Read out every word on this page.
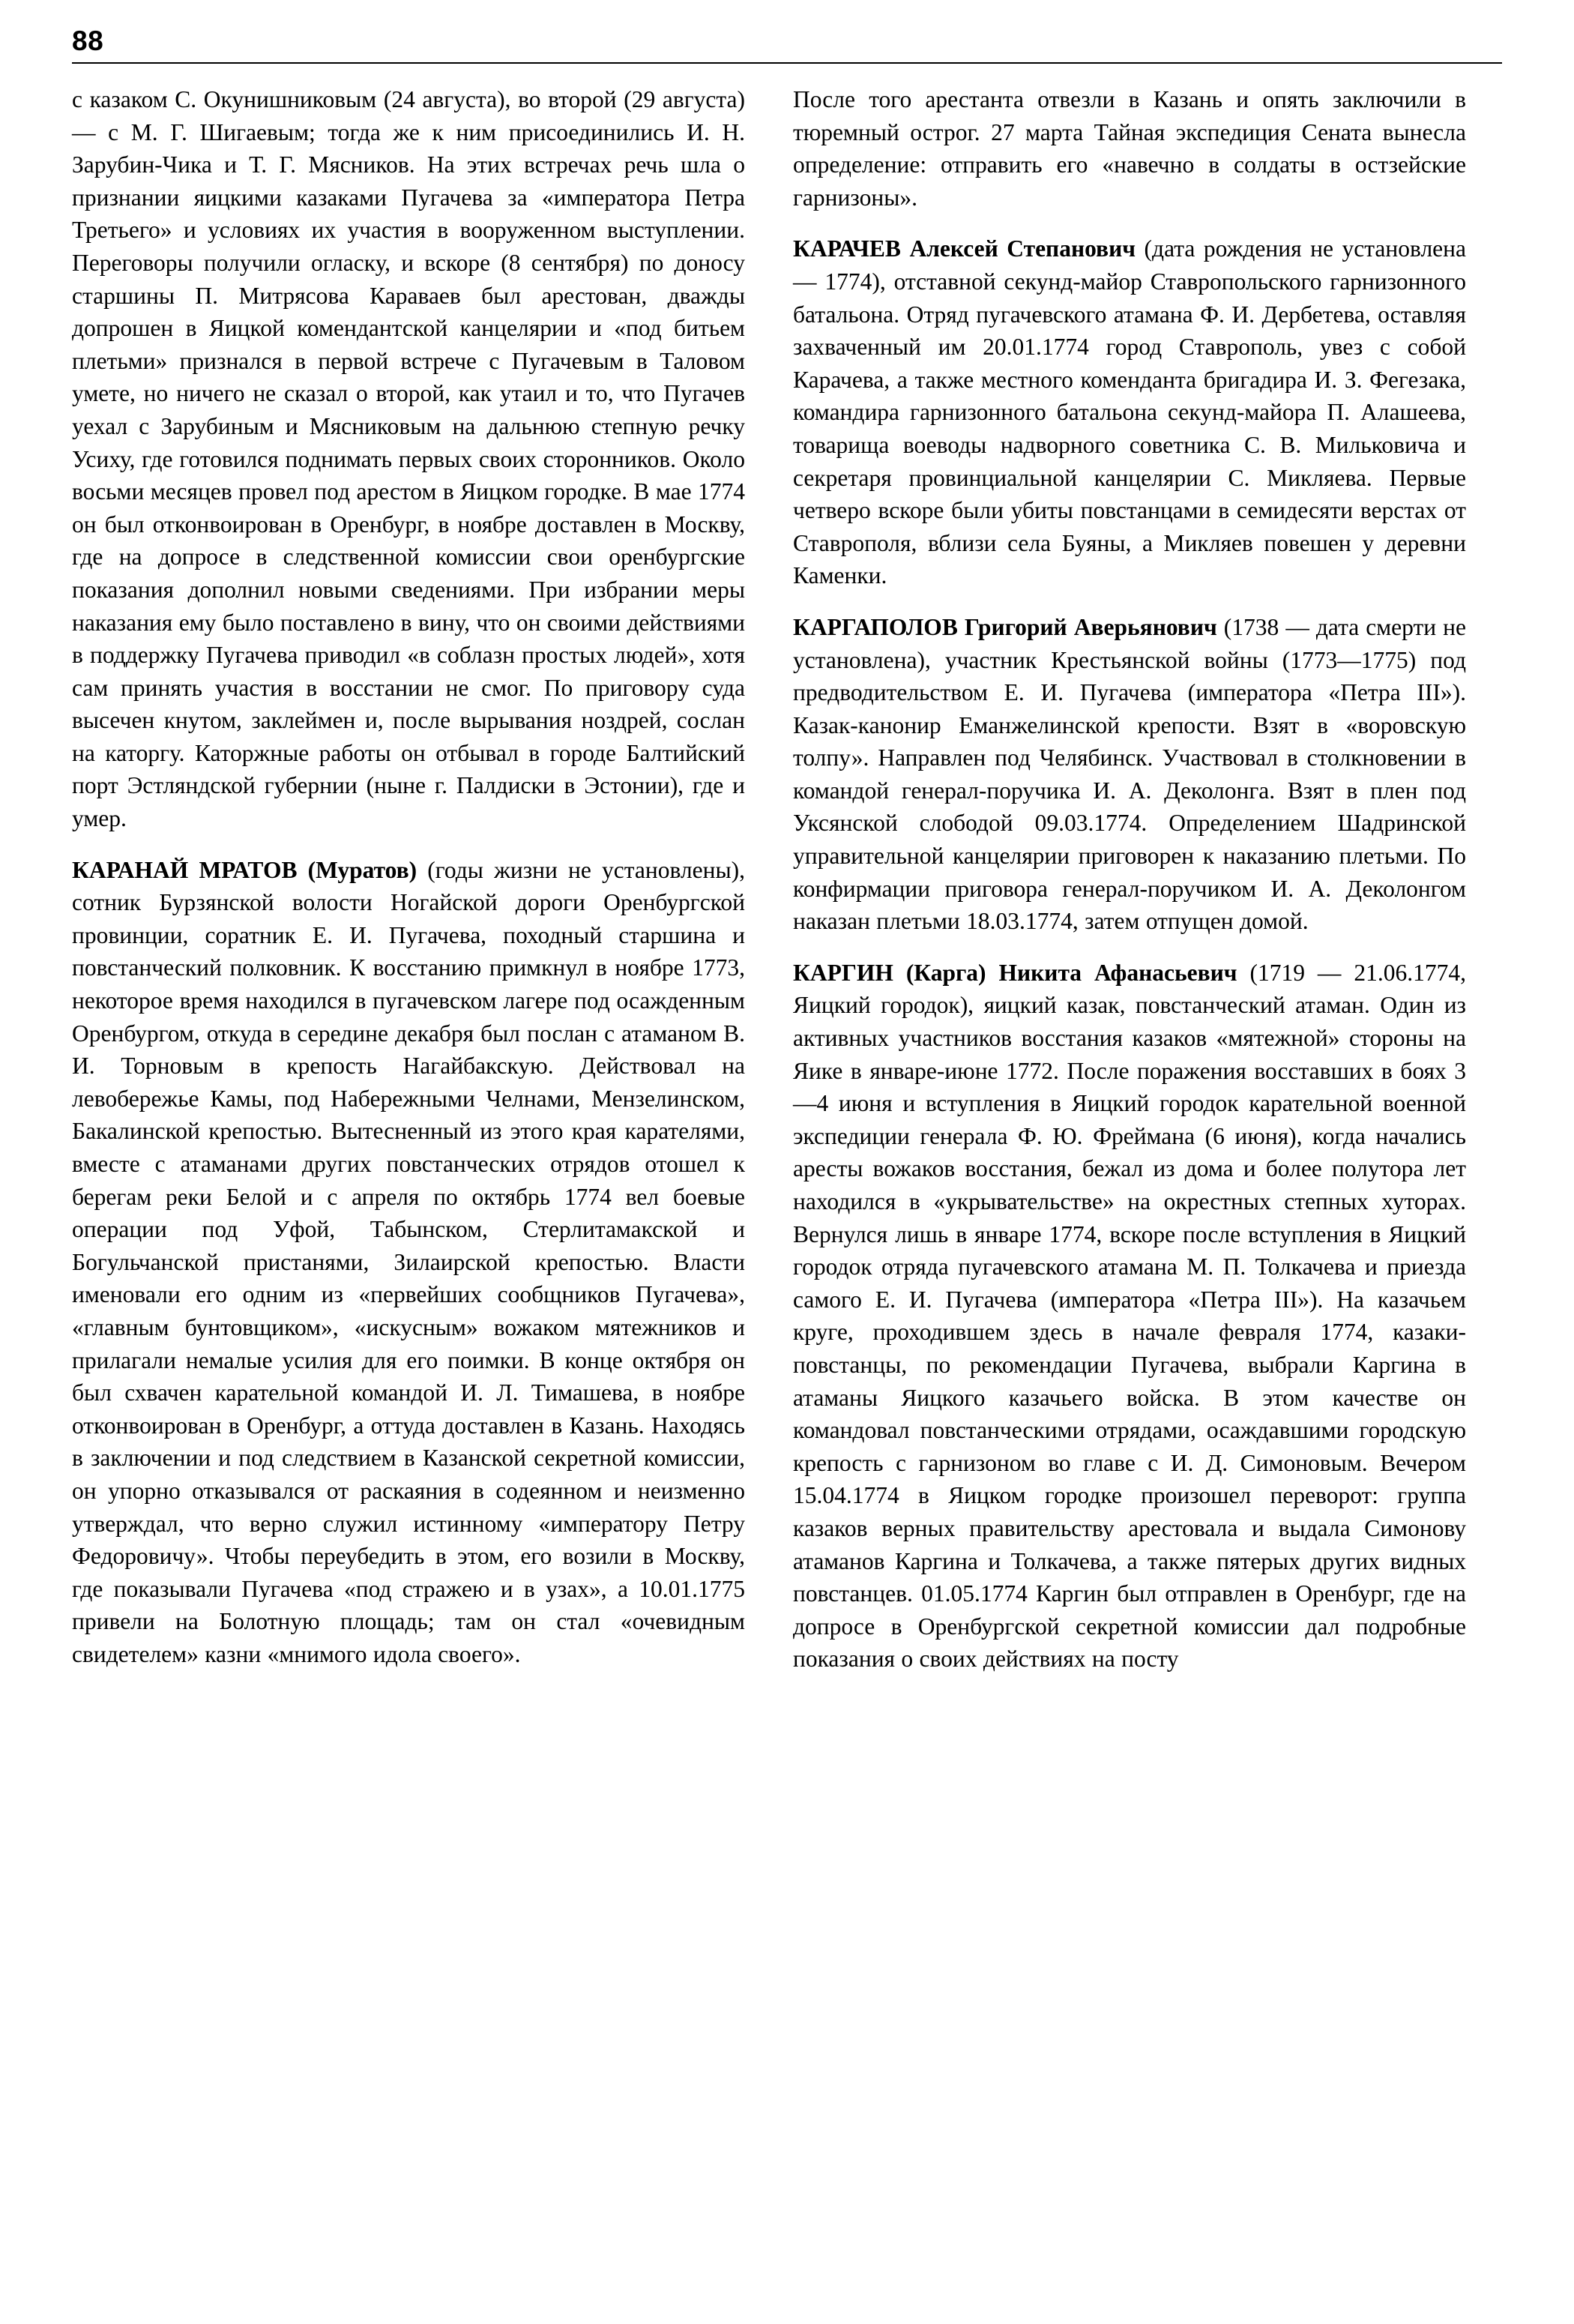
88

с казаком С. Окунишниковым (24 августа), во второй (29 августа) — с М. Г. Шигаевым; тогда же к ним присоединились И. Н. Зарубин-Чика и Т. Г. Мясников. На этих встречах речь шла о признании яицкими казаками Пугачева за «императора Петра Третьего» и условиях их участия в вооруженном выступлении. Переговоры получили огласку, и вскоре (8 сентября) по доносу старшины П. Митрясова Караваев был арестован, дважды допрошен в Яицкой комендантской канцелярии и «под битьем плетьми» признался в первой встрече с Пугачевым в Таловом умете, но ничего не сказал о второй, как утаил и то, что Пугачев уехал с Зарубиным и Мясниковым на дальнюю степную речку Усиху, где готовился поднимать первых своих сторонников. Около восьми месяцев провел под арестом в Яицком городке. В мае 1774 он был отконвоирован в Оренбург, в ноябре доставлен в Москву, где на допросе в следственной комиссии свои оренбургские показания дополнил новыми сведениями. При избрании меры наказания ему было поставлено в вину, что он своими действиями в поддержку Пугачева приводил «в соблазн простых людей», хотя сам принять участия в восстании не смог. По приговору суда высечен кнутом, заклеймен и, после вырывания ноздрей, сослан на каторгу. Каторжные работы он отбывал в городе Балтийский порт Эстляндской губернии (ныне г. Палдиски в Эстонии), где и умер.

КАРАНАЙ МРАТОВ (Муратов) (годы жизни не установлены), сотник Бурзянской волости Ногайской дороги Оренбургской провинции, соратник Е. И. Пугачева, походный старшина и повстанческий полковник. К восстанию примкнул в ноябре 1773, некоторое время находился в пугачевском лагере под осажденным Оренбургом, откуда в середине декабря был послан с атаманом В. И. Торновым в крепость Нагайбакскую. Действовал на левобережье Камы, под Набережными Челнами, Мензелинском, Бакалинской крепостью. Вытесненный из этого края карателями, вместе с атаманами других повстанческих отрядов отошел к берегам реки Белой и с апреля по октябрь 1774 вел боевые операции под Уфой, Табынском, Стерлитамакской и Богульчанской пристанями, Зилаирской крепостью. Власти именовали его одним из «первейших сообщников Пугачева», «главным бунтовщиком», «искусным» вожаком мятежников и прилагали немалые усилия для его поимки. В конце октября он был схвачен карательной командой И. Л. Тимашева, в ноябре отконвоирован в Оренбург, а оттуда доставлен в Казань. Находясь в заключении и под следствием в Казанской секретной комиссии, он упорно отказывался от раскаяния в содеянном и неизменно утверждал, что верно служил истинному «императору Петру Федоровичу». Чтобы переубедить в этом, его возили в Москву, где показывали Пугачева «под стражею и в узах», а 10.01.1775 привели на Болотную площадь; там он стал «очевидным свидетелем» казни «мнимого идола своего».

После того арестанта отвезли в Казань и опять заключили в тюремный острог. 27 марта Тайная экспедиция Сената вынесла определение: отправить его «навечно в солдаты в остзейские гарнизоны».

КАРАЧЕВ Алексей Степанович (дата рождения не установлена — 1774), отставной секунд-майор Ставропольского гарнизонного батальона. Отряд пугачевского атамана Ф. И. Дербетева, оставляя захваченный им 20.01.1774 город Ставрополь, увез с собой Карачева, а также местного коменданта бригадира И. З. Фегезака, командира гарнизонного батальона секунд-майора П. Алашеева, товарища воеводы надворного советника С. В. Мильковича и секретаря провинциальной канцелярии С. Микляева. Первые четверо вскоре были убиты повстанцами в семидесяти верстах от Ставрополя, вблизи села Буяны, а Микляев повешен у деревни Каменки.

КАРГАПОЛОВ Григорий Аверьянович (1738 — дата смерти не установлена), участник Крестьянской войны (1773—1775) под предводительством Е. И. Пугачева (императора «Петра III»). Казак-канонир Еманжелинской крепости. Взят в «воровскую толпу». Направлен под Челябинск. Участвовал в столкновении в командой генерал-поручика И. А. Деколонга. Взят в плен под Уксянской слободой 09.03.1774. Определением Шадринской управительной канцелярии приговорен к наказанию плетьми. По конфирмации приговора генерал-поручиком И. А. Деколонгом наказан плетьми 18.03.1774, затем отпущен домой.

КАРГИН (Карга) Никита Афанасьевич (1719 — 21.06.1774, Яицкий городок), яицкий казак, повстанческий атаман. Один из активных участников восстания казаков «мятежной» стороны на Яике в январе-июне 1772. После поражения восставших в боях 3—4 июня и вступления в Яицкий городок карательной военной экспедиции генерала Ф. Ю. Фреймана (6 июня), когда начались аресты вожаков восстания, бежал из дома и более полутора лет находился в «укрывательстве» на окрестных степных хуторах. Вернулся лишь в январе 1774, вскоре после вступления в Яицкий городок отряда пугачевского атамана М. П. Толкачева и приезда самого Е. И. Пугачева (императора «Петра III»). На казачьем круге, проходившем здесь в начале февраля 1774, казаки-повстанцы, по рекомендации Пугачева, выбрали Каргина в атаманы Яицкого казачьего войска. В этом качестве он командовал повстанческими отрядами, осаждавшими городскую крепость с гарнизоном во главе с И. Д. Симоновым. Вечером 15.04.1774 в Яицком городке произошел переворот: группа казаков верных правительству арестовала и выдала Симонову атаманов Каргина и Толкачева, а также пятерых других видных повстанцев. 01.05.1774 Каргин был отправлен в Оренбург, где на допросе в Оренбургской секретной комиссии дал подробные показания о своих действиях на посту
